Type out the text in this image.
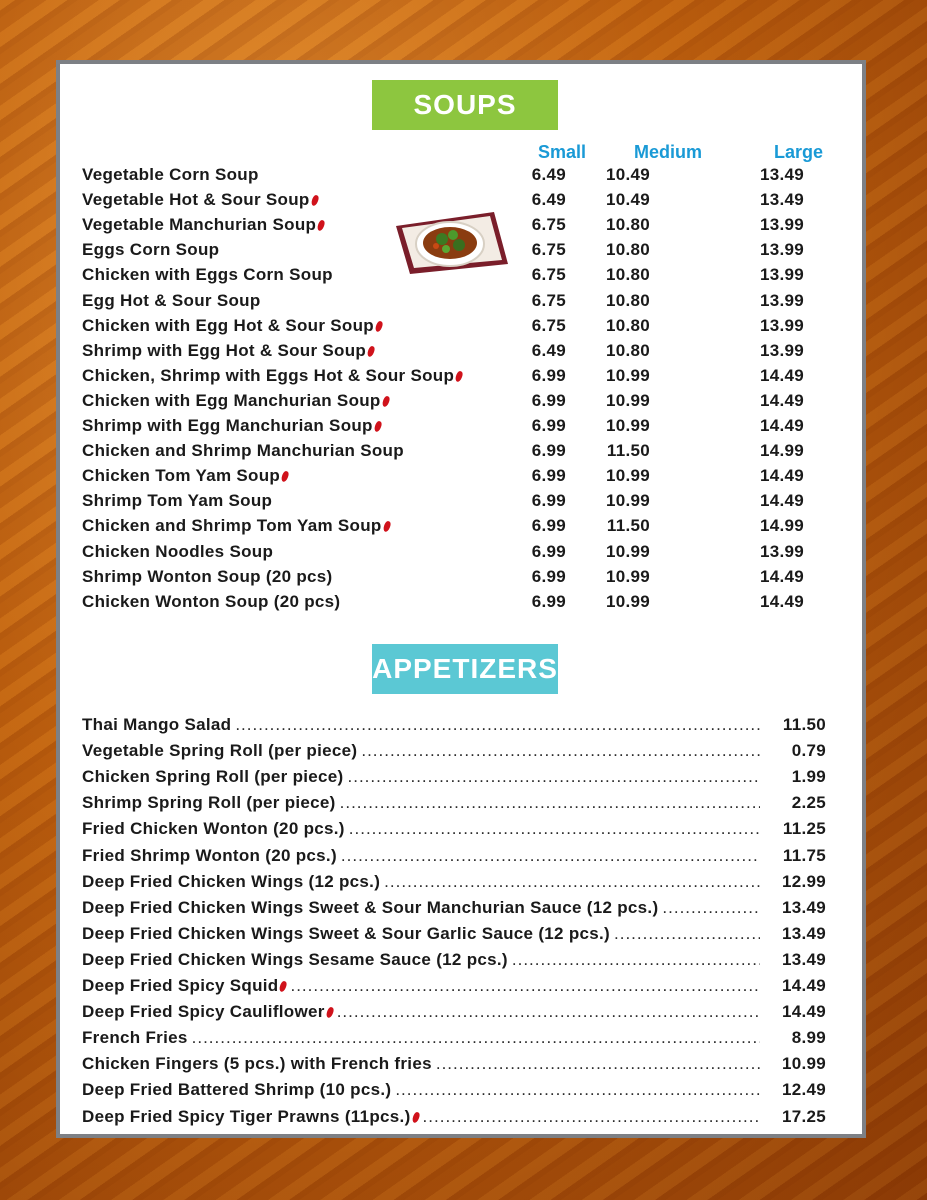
SOUPS
Small	Medium	Large
Vegetable Corn Soup	6.49 10.49	13.49
Vegetable Hot & Sour Soup	6.49 10.49	13.49
Vegetable Manchurian Soup	6.75 10.80	13.99
Eggs Corn Soup	6.75 10.80	13.99
Chicken with Eggs Corn Soup	6.75 10.80	13.99
Egg Hot & Sour Soup	6.75 10.80	13.99
Chicken with Egg Hot & Sour Soup	6.75 10.80	13.99
Shrimp with Egg Hot & Sour Soup	6.49 10.80	13.99
Chicken, Shrimp with Eggs Hot & Sour Soup	6.99 10.99	14.49
Chicken with Egg Manchurian Soup	6.99 10.99	14.49
Shrimp with Egg Manchurian Soup	6.99 10.99	14.49
Chicken and Shrimp Manchurian Soup	6.99 11.50	14.99
Chicken Tom Yam Soup	6.99 10.99	14.49
Shrimp Tom Yam Soup	6.99 10.99	14.49
Chicken and Shrimp Tom Yam Soup	6.99 11.50	14.99
Chicken Noodles Soup	6.99 10.99	13.99
Shrimp Wonton Soup (20 pcs)	6.99 10.99	14.49
Chicken Wonton Soup (20 pcs)	6.99 10.99	14.49
APPETIZERS
Thai Mango Salad .....	11.50
Vegetable Spring Roll (per piece) .....	0.79
Chicken Spring Roll (per piece) .....	1.99
Shrimp Spring Roll (per piece) .....	2.25
Fried Chicken Wonton (20 pcs.) .....	11.25
Fried Shrimp Wonton (20 pcs.) .....	11.75
Deep Fried Chicken Wings (12 pcs.) .....	12.99
Deep Fried Chicken Wings Sweet & Sour Manchurian Sauce (12 pcs.) .....	13.49
Deep Fried Chicken Wings Sweet & Sour Garlic Sauce (12 pcs.) .....	13.49
Deep Fried Chicken Wings Sesame Sauce (12 pcs.) .....	13.49
Deep Fried Spicy Squid .....	14.49
Deep Fried Spicy Cauliflower .....	14.49
French Fries .....	8.99
Chicken Fingers (5 pcs.) with French fries .....	10.99
Deep Fried Battered Shrimp (10 pcs.) .....	12.49
Deep Fried Spicy Tiger Prawns (11pcs.) .....	17.25
